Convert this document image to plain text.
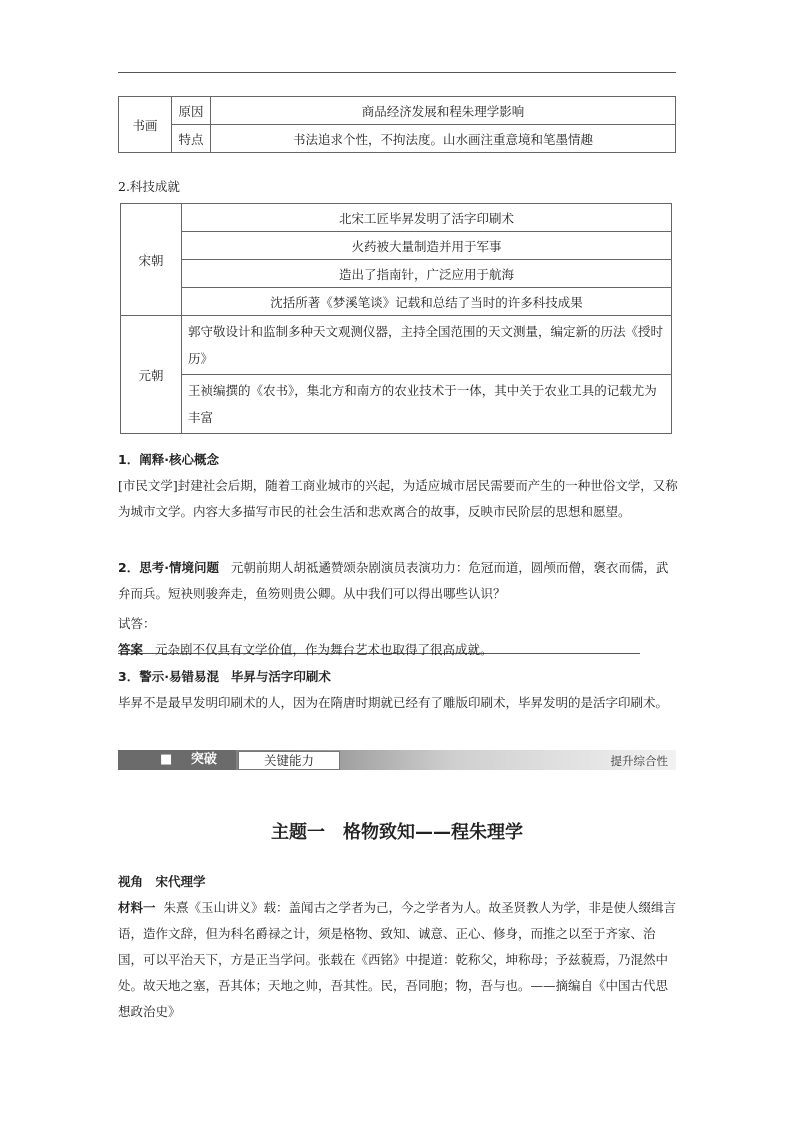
书画	原因	商品经济发展和程朱理学影响
	特点	书法追求个性，不拘法度。山水画注重意境和笔墨情趣
2.科技成就
宋朝	北宋工匠毕昇发明了活字印刷术
	火药被大量制造并用于军事
	造出了指南针，广泛应用于航海
	沈括所著《梦溪笔谈》记载和总结了当时的许多科技成果
元朝	郭守敬设计和监制多种天文观测仪器，主持全国范围的天文测量，编定新的历法《授时历》
	王祯编撰的《农书》，集北方和南方的农业技术于一体，其中关于农业工具的记载尤为丰富
1．阐释·核心概念
[市民文学]封建社会后期，随着工商业城市的兴起，为适应城市居民需要而产生的一种世俗文学，又称为城市文学。内容大多描写市民的社会生活和悲欢离合的故事，反映市民阶层的思想和愿望。
2．思考·情境问题 元朝前期人胡祗遹赞颂杂剧演员表演功力：危冠而道，圆颅而僧，褒衣而儒，武弁而兵。短袂则骏奔走，鱼笏则贵公卿。从中我们可以得出哪些认识？
试答：
答案 元杂剧不仅具有文学价值，作为舞台艺术也取得了很高成就。
3．警示·易错易混 毕昇与活字印刷术
毕昇不是最早发明印刷术的人，因为在隋唐时期就已经有了雕版印刷术，毕昇发明的是活字印刷术。
■ 突破	关键能力	提升综合性
主题一　格物致知——程朱理学
视角　宋代理学
材料一 朱熹《玉山讲义》载：盖闻古之学者为己，今之学者为人。故圣贤教人为学，非是使人缀缉言语，造作文辞，但为科名爵禄之计，须是格物、致知、诚意、正心、修身，而推之以至于齐家、治国，可以平治天下，方是正当学问。张载在《西铭》中提道：乾称父，坤称母；予兹藐焉，乃混然中处。故天地之塞，吾其体；天地之帅，吾其性。民，吾同胞；物，吾与也。——摘编自《中国古代思想政治史》
